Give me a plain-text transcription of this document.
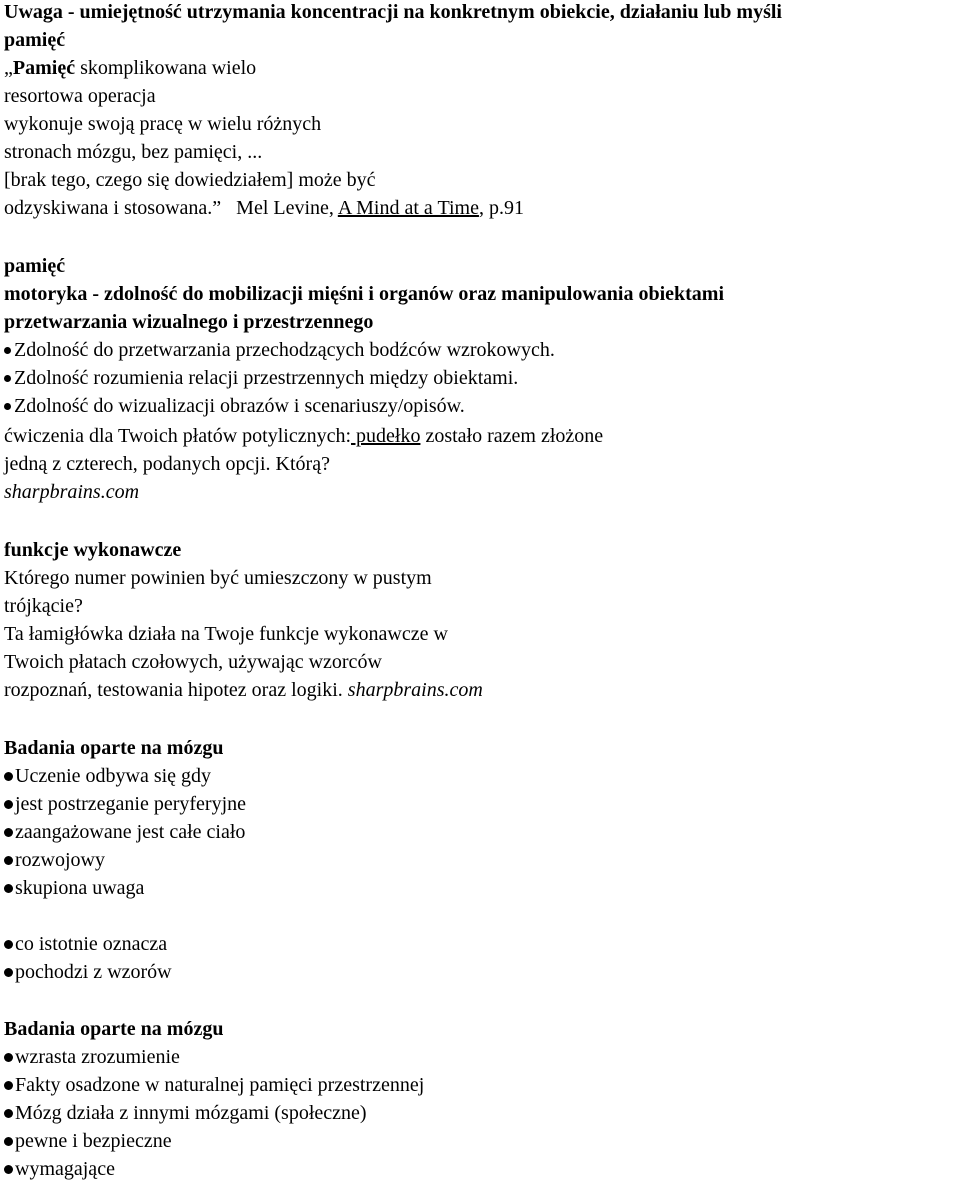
Uwaga - umiejętność utrzymania koncentracji na konkretnym obiekcie, działaniu lub myśli
pamięć
„Pamięć skomplikowana wielo
resortowa operacja
wykonuje swoją pracę w wielu różnych
stronach mózgu, bez pamięci, ...
[brak tego, czego się dowiedziałem] może być
odzyskiwana i stosowana.”   Mel Levine, A Mind at a Time, p.91
pamięć
motoryka - zdolność do mobilizacji mięśni i organów oraz manipulowania obiektami
przetwarzania wizualnego i przestrzennego
Zdolność do przetwarzania przechodzących bodźców wzrokowych.
Zdolność rozumienia relacji przestrzennych między obiektami.
Zdolność do wizualizacji obrazów i scenariuszy/opisów.
ćwiczenia dla Twoich płatów potylicznych: pudełko zostało razem złożone
jedną z czterech, podanych opcji. Którą?
sharpbrains.com
funkcje wykonawcze
Którego numer powinien być umieszczony w pustym
trójkącie?
Ta łamigłówka działa na Twoje funkcje wykonawcze w
Twoich płatach czołowych, używając wzorców
rozpoznań, testowania hipotez oraz logiki. sharpbrains.com
Badania oparte na mózgu
Uczenie odbywa się gdy
jest postrzeganie peryferyjne
zaangażowane jest całe ciało
rozwojowy
skupiona uwaga
co istotnie oznacza
pochodzi z wzorów
Badania oparte na mózgu
wzrasta zrozumienie
Fakty osadzone w naturalnej pamięci przestrzennej
Mózg działa z innymi mózgami (społeczne)
pewne i bezpieczne
wymagające
